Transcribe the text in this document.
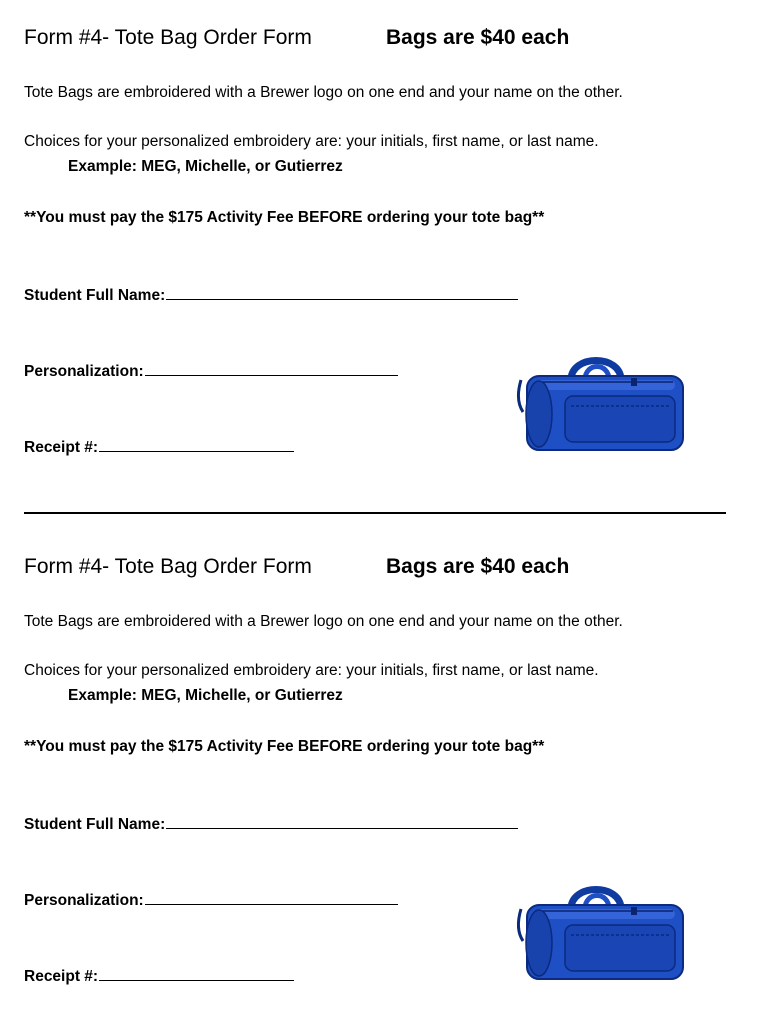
Form #4- Tote Bag Order Form	Bags are $40 each

Tote Bags are embroidered with a Brewer logo on one end and your name on the other.

Choices for your personalized embroidery are: your initials, first name, or last name.

Example: MEG, Michelle, or Gutierrez

**You must pay the $175 Activity Fee BEFORE ordering your tote bag**

Student Full Name:
Personalization:
Receipt #:

Form #4- Tote Bag Order Form	Bags are $40 each

Tote Bags are embroidered with a Brewer logo on one end and your name on the other.

Choices for your personalized embroidery are: your initials, first name, or last name.

Example: MEG, Michelle, or Gutierrez

**You must pay the $175 Activity Fee BEFORE ordering your tote bag**

Student Full Name:
Personalization:
Receipt #:
